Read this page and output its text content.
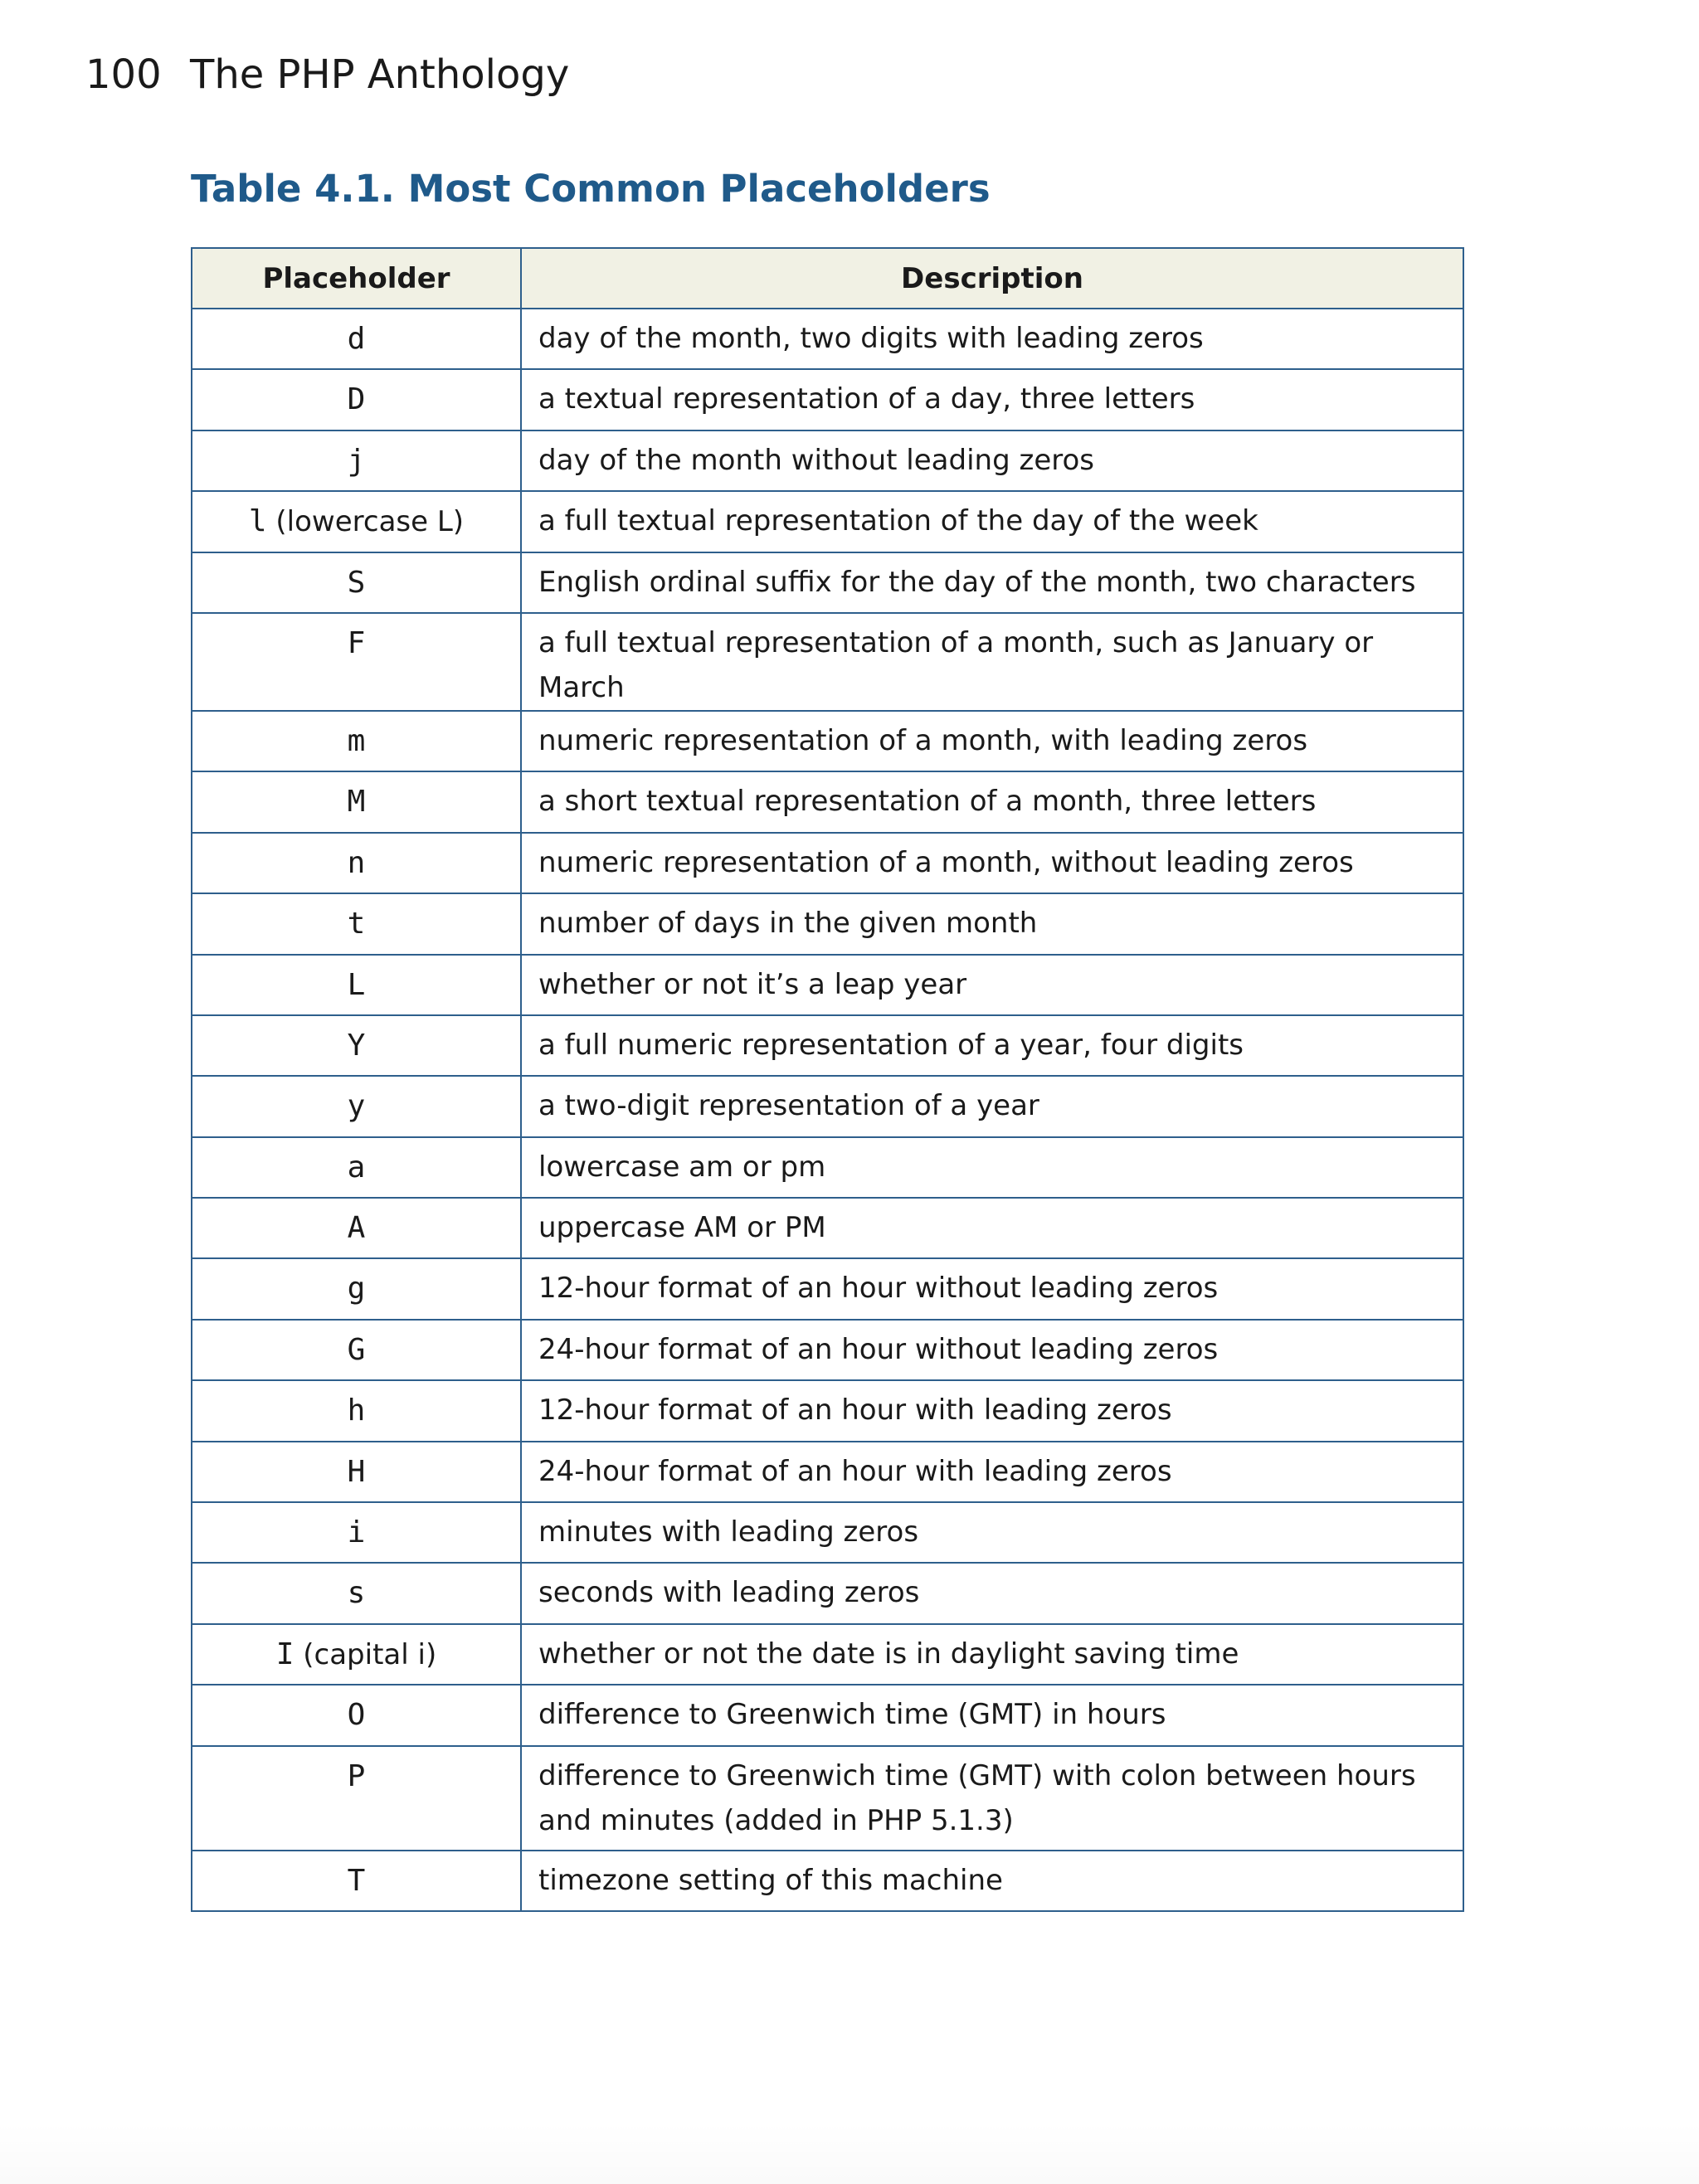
100 The PHP Anthology
Table 4.1. Most Common Placeholders
Placeholder	Description
d	day of the month, two digits with leading zeros
D	a textual representation of a day, three letters
j	day of the month without leading zeros
l (lowercase L)	a full textual representation of the day of the week
S	English ordinal suffix for the day of the month, two characters
F	a full textual representation of a month, such as January or March
m	numeric representation of a month, with leading zeros
M	a short textual representation of a month, three letters
n	numeric representation of a month, without leading zeros
t	number of days in the given month
L	whether or not it’s a leap year
Y	a full numeric representation of a year, four digits
y	a two-digit representation of a year
a	lowercase am or pm
A	uppercase AM or PM
g	12-hour format of an hour without leading zeros
G	24-hour format of an hour without leading zeros
h	12-hour format of an hour with leading zeros
H	24-hour format of an hour with leading zeros
i	minutes with leading zeros
s	seconds with leading zeros
I (capital i)	whether or not the date is in daylight saving time
O	difference to Greenwich time (GMT) in hours
P	difference to Greenwich time (GMT) with colon between hours and minutes (added in PHP 5.1.3)
T	timezone setting of this machine
